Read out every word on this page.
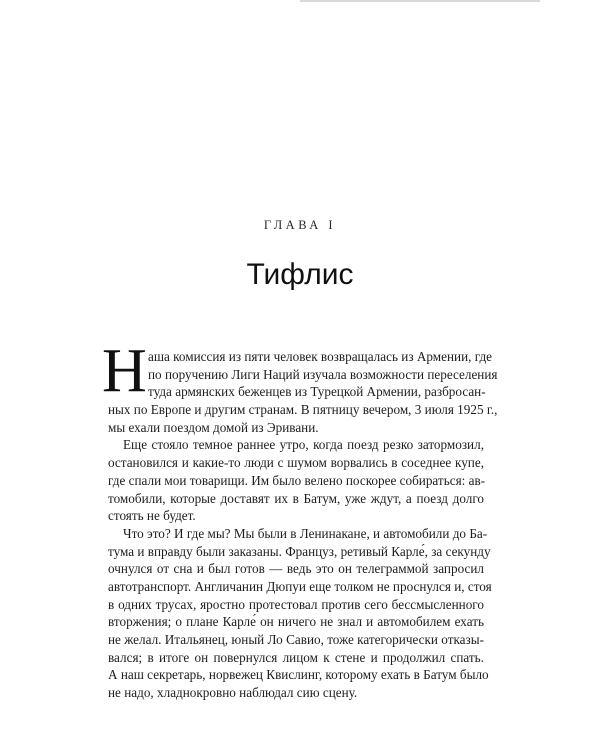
ГЛАВА I
Тифлис
Н аша комиссия из пяти человек возвращалась из Армении, где
по поручению Лиги Наций изучала возможности переселения
туда армянских беженцев из Турецкой Армении, разбросан-
ных по Европе и другим странам. В пятницу вечером, 3 июля 1925 г.,
мы ехали поездом домой из Эривани.
Еще стояло темное раннее утро, когда поезд резко затормозил,
остановился и какие-то люди с шумом ворвались в соседнее купе,
где спали мои товарищи. Им было велено поскорее собираться: ав-
томобили, которые доставят их в Батум, уже ждут, а поезд долго
стоять не будет.
Что это? И где мы? Мы были в Ленинакане, и автомобили до Ба-
тума и вправду были заказаны. Француз, ретивый Карле́, за секунду
очнулся от сна и был готов — ведь это он телеграммой запросил
автотранспорт. Англичанин Дюпуи еще толком не проснулся и, стоя
в одних трусах, яростно протестовал против сего бессмысленного
вторжения; о плане Карле́ он ничего не знал и автомобилем ехать
не желал. Итальянец, юный Ло Савио, тоже категорически отказы-
вался; в итоге он повернулся лицом к стене и продолжил спать.
А наш секретарь, норвежец Квислинг, которому ехать в Батум было
не надо, хладнокровно наблюдал сию сцену.
